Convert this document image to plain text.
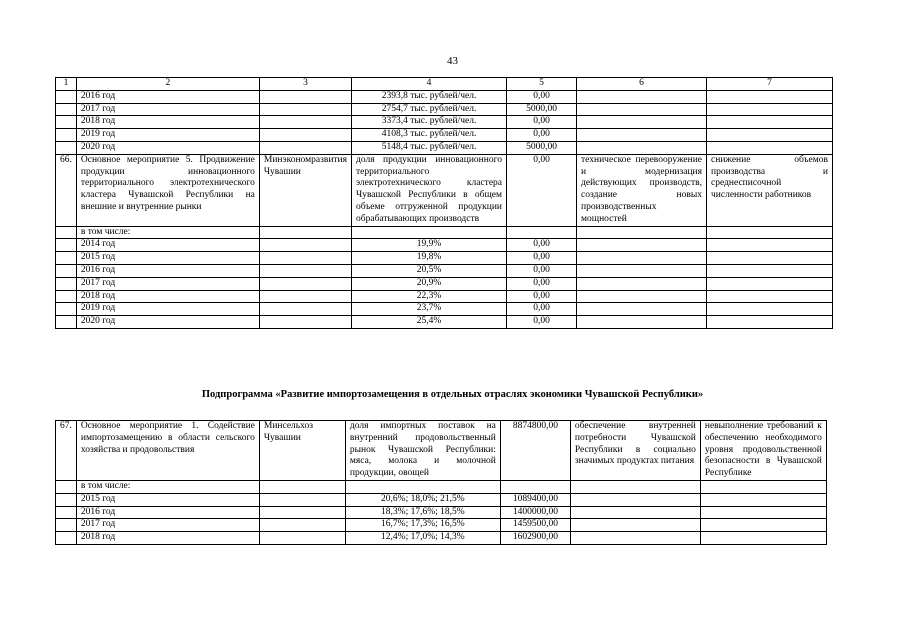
43
1	2	3	4	5	6	7
	2016 год		2393,8 тыс. рублей/чел.	0,00		
	2017 год		2754,7 тыс. рублей/чел.	5000,00		
	2018 год		3373,4 тыс. рублей/чел.	0,00		
	2019 год		4108,3 тыс. рублей/чел.	0,00		
	2020 год		5148,4 тыс. рублей/чел.	5000,00		
66.	Основное мероприятие 5. Продвижение продукции инновационного территориального электротехнического кластера Чувашской Республики на внешние и внутренние рынки	Минэкономразвития Чувашии	доля продукции инновационного территориального электротехнического кластера Чувашской Республики в общем объеме отгруженной продукции обрабатывающих производств	0,00	техническое перевооружение и модернизация действующих производств, создание новых производственных мощностей	снижение объемов производства и среднесписочной численности работников
	в том числе:					
	2014 год		19,9%	0,00		
	2015 год		19,8%	0,00		
	2016 год		20,5%	0,00		
	2017 год		20,9%	0,00		
	2018 год		22,3%	0,00		
	2019 год		23,7%	0,00		
	2020 год		25,4%	0,00		
Подпрограмма «Развитие импортозамещения в отдельных отраслях экономики Чувашской Республики»
67.	Основное мероприятие 1. Содействие импортозамещению в области сельского хозяйства и продовольствия	Минсельхоз Чувашии	доля импортных поставок на внутренний продовольственный рынок Чувашской Республики: мяса, молока и молочной продукции, овощей	8874800,00	обеспечение внутренней потребности Чувашской Республики в социально значимых продуктах питания	невыполнение требований к обеспечению необходимого уровня продовольственной безопасности в Чувашской Республике
	в том числе:					
	2015 год		20,6%; 18,0%; 21,5%	1089400,00		
	2016 год		18,3%; 17,6%; 18,5%	1400000,00		
	2017 год		16,7%; 17,3%; 16,5%	1459500,00		
	2018 год		12,4%; 17,0%; 14,3%	1602900,00		
